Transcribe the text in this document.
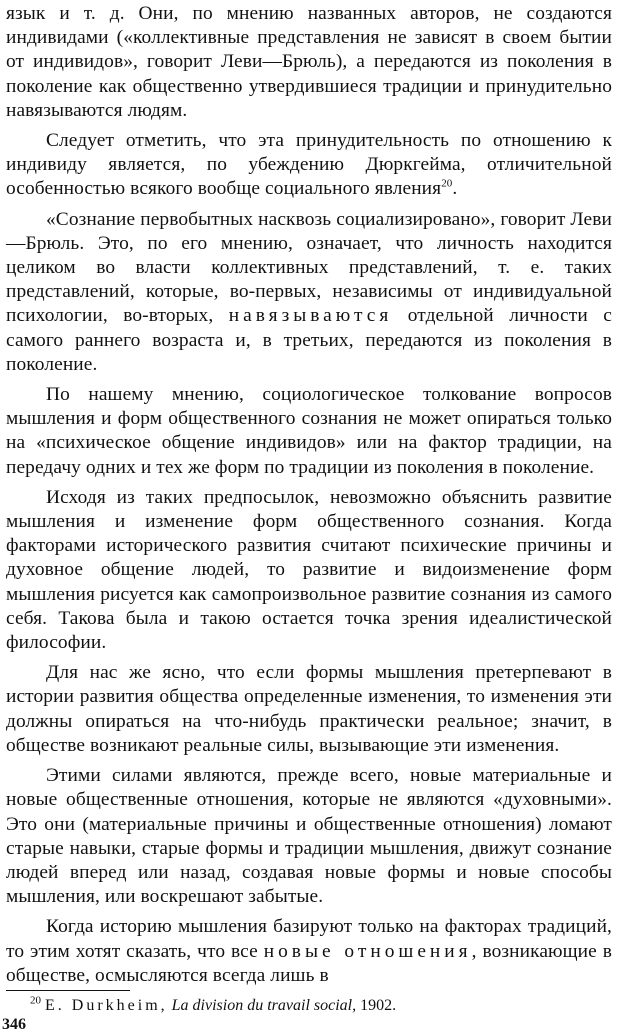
язык и т. д. Они, по мнению названных авторов, не создаются индивидами («коллективные представления не зависят в своем бытии от индивидов», говорит Леви—Брюль), а передаются из поколения в поколение как общественно утвердившиеся традиции и принудительно навязываются людям.

Следует отметить, что эта принудительность по отношению к индивиду является, по убеждению Дюркгейма, отличительной особенностью всякого вообще социального явления$^{20}$.

«Сознание первобытных насквозь социализировано», говорит Леви—Брюль. Это, по его мнению, означает, что личность находится целиком во власти коллективных представлений, т. е. таких представлений, которые, во-первых, независимы от индивидуальной психологии, во-вторых, навязываются отдельной личности с самого раннего возраста и, в третьих, передаются из поколения в поколение.

По нашему мнению, социологическое толкование вопросов мышления и форм общественного сознания не может опираться только на «психическое общение индивидов» или на фактор традиции, на передачу одних и тех же форм по традиции из поколения в поколение.

Исходя из таких предпосылок, невозможно объяснить развитие мышления и изменение форм общественного сознания. Когда факторами исторического развития считают психические причины и духовное общение людей, то развитие и видоизменение форм мышления рисуется как самопроизвольное развитие сознания из самого себя. Такова была и такою остается точка зрения идеалистической философии.

Для нас же ясно, что если формы мышления претерпевают в истории развития общества определенные изменения, то изменения эти должны опираться на что-нибудь практически реальное; значит, в обществе возникают реальные силы, вызывающие эти изменения.

Этими силами являются, прежде всего, новые материальные и новые общественные отношения, которые не являются «духовными». Это они (материальные причины и общественные отношения) ломают старые навыки, старые формы и традиции мышления, движут сознание людей вперед или назад, создавая новые формы и новые способы мышления, или воскрешают забытые.

Когда историю мышления базируют только на факторах традиций, то этим хотят сказать, что все новые отношения, возникающие в обществе, осмысляются всегда лишь в

$^{20}$ E. Durkheim, La division du travail social, 1902.
346
